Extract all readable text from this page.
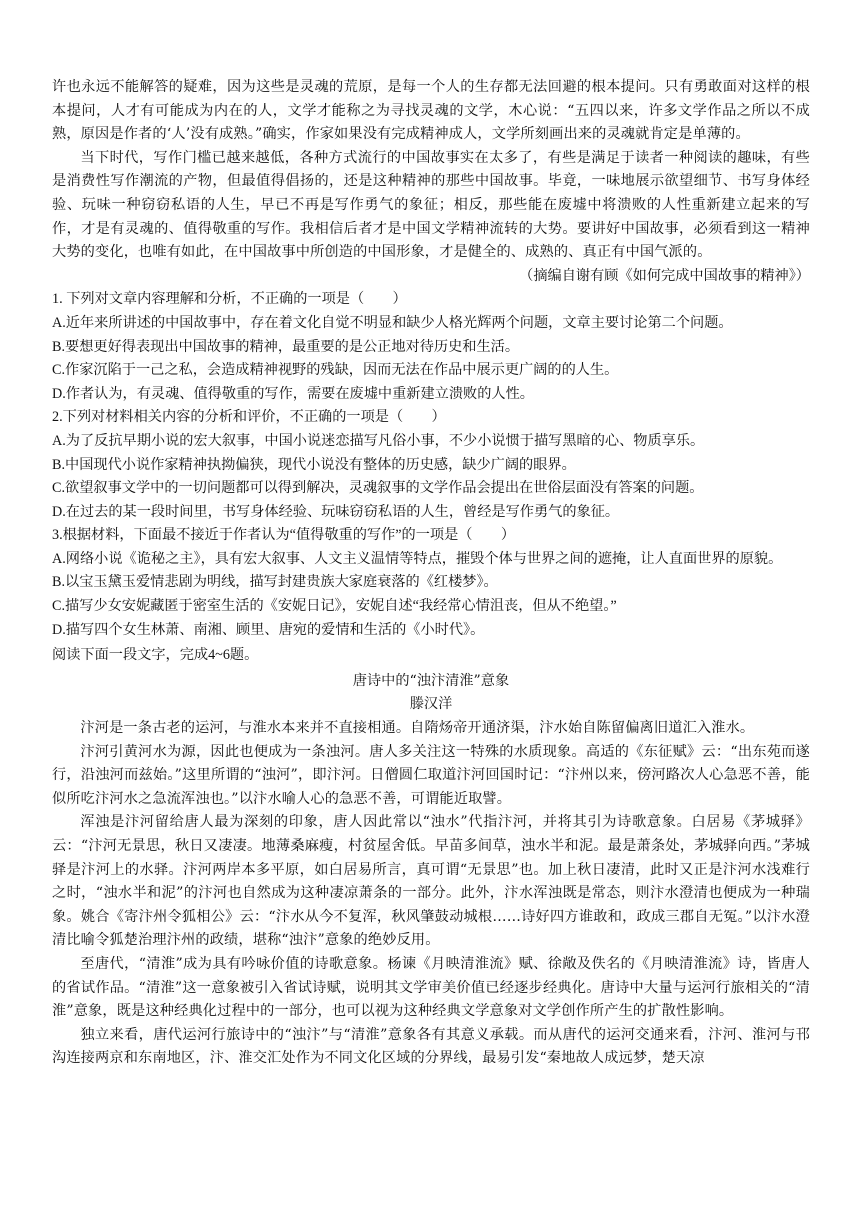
许也永远不能解答的疑难，因为这些是灵魂的荒原，是每一个人的生存都无法回避的根本提问。只有勇敢面对这样的根本提问，人才有可能成为内在的人，文学才能称之为寻找灵魂的文学，木心说：“五四以来，许多文学作品之所以不成熟，原因是作者的‘人’没有成熟。”确实，作家如果没有完成精神成人，文学所刻画出来的灵魂就肯定是单薄的。

当下时代，写作门槛已越来越低，各种方式流行的中国故事实在太多了，有些是满足于读者一种阅读的趣味，有些是消费性写作潮流的产物，但最值得倡扬的，还是这种精神的那些中国故事。毕竟，一味地展示欲望细节、书写身体经验、玩味一种窃窃私语的人生，早已不再是写作勇气的象征；相反，那些能在废墟中将溃败的人性重新建立起来的写作，才是有灵魂的、值得敬重的写作。我相信后者才是中国文学精神流转的大势。要讲好中国故事，必须看到这一精神大势的变化，也唯有如此，在中国故事中所创造的中国形象，才是健全的、成熟的、真正有中国气派的。

（摘编自谢有顾《如何完成中国故事的精神》）

1. 下列对文章内容理解和分析，不正确的一项是（　　）

A.近年来所讲述的中国故事中，存在着文化自觉不明显和缺少人格光辉两个问题，文章主要讨论第二个问题。

B.要想更好得表现出中国故事的精神，最重要的是公正地对待历史和生活。

C.作家沉陷于一己之私，会造成精神视野的残缺，因而无法在作品中展示更广阔的的人生。

D.作者认为，有灵魂、值得敬重的写作，需要在废墟中重新建立溃败的人性。

2.下列对材料相关内容的分析和评价，不正确的一项是（　　）

A.为了反抗早期小说的宏大叙事，中国小说迷恋描写凡俗小事，不少小说惯于描写黑暗的心、物质享乐。

B.中国现代小说作家精神执拗偏狭，现代小说没有整体的历史感，缺少广阔的眼界。

C.欲望叙事文学中的一切问题都可以得到解决，灵魂叙事的文学作品会提出在世俗层面没有答案的问题。

D.在过去的某一段时间里，书写身体经验、玩味窃窃私语的人生，曾经是写作勇气的象征。

3.根据材料，下面最不接近于作者认为“值得敬重的写作”的一项是（　　）

A.网络小说《诡秘之主》，具有宏大叙事、人文主义温情等特点，摧毁个体与世界之间的遮掩，让人直面世界的原貌。

B.以宝玉黛玉爱情悲剧为明线，描写封建贵族大家庭衰落的《红楼梦》。

C.描写少女安妮藏匿于密室生活的《安妮日记》，安妮自述“我经常心情沮丧，但从不绝望。”

D.描写四个女生林萧、南湘、顾里、唐宛的爱情和生活的《小时代》。

阅读下面一段文字，完成4~6题。

唐诗中的“浊汴清淮”意象

滕汉洋

汴河是一条古老的运河，与淮水本来并不直接相通。自隋炀帝开通济渠，汴水始自陈留偏离旧道汇入淮水。

汴河引黄河水为源，因此也便成为一条浊河。唐人多关注这一特殊的水质现象。高适的《东征赋》云：“出东苑而遂行，沿浊河而兹始。”这里所谓的“浊河”，即汴河。日僧圆仁取道汴河回国时记：“汴州以来，傍河路次人心急恶不善，能似所吃汴河水之急流浑浊也。”以汴水喻人心的急恶不善，可谓能近取譬。

浑浊是汴河留给唐人最为深刻的印象，唐人因此常以“浊水”代指汴河，并将其引为诗歌意象。白居易《茅城驿》云：“汴河无景思，秋日又凄凄。地薄桑麻瘦，村贫屋舍低。早苗多间草，浊水半和泥。最是萧条处，茅城驿向西。”茅城驿是汴河上的水驿。汴河两岸本多平原，如白居易所言，真可谓“无景思”也。加上秋日凄清，此时又正是汴河水浅难行之时，“浊水半和泥”的汴河也自然成为这种凄凉萧条的一部分。此外，汴水浑浊既是常态，则汴水澄清也便成为一种瑞象。姚合《寄汴州令狐相公》云：“汴水从今不复浑，秋风肇鼓动城根……诗好四方谁敢和，政成三郡自无冤。”以汴水澄清比喻令狐楚治理汴州的政绩，堪称“浊汴”意象的绝妙反用。

至唐代，“清淮”成为具有吟咏价值的诗歌意象。杨谏《月映清淮流》赋、徐敞及佚名的《月映清淮流》诗，皆唐人的省试作品。“清淮”这一意象被引入省试诗赋，说明其文学审美价值已经逐步经典化。唐诗中大量与运河行旅相关的“清淮”意象，既是这种经典化过程中的一部分，也可以视为这种经典文学意象对文学创作所产生的扩散性影响。

独立来看，唐代运河行旅诗中的“浊汴”与“清淮”意象各有其意义承载。而从唐代的运河交通来看，汴河、淮河与邗沟连接两京和东南地区，汴、淮交汇处作为不同文化区域的分界线，最易引发“秦地故人成远梦，楚天凉
